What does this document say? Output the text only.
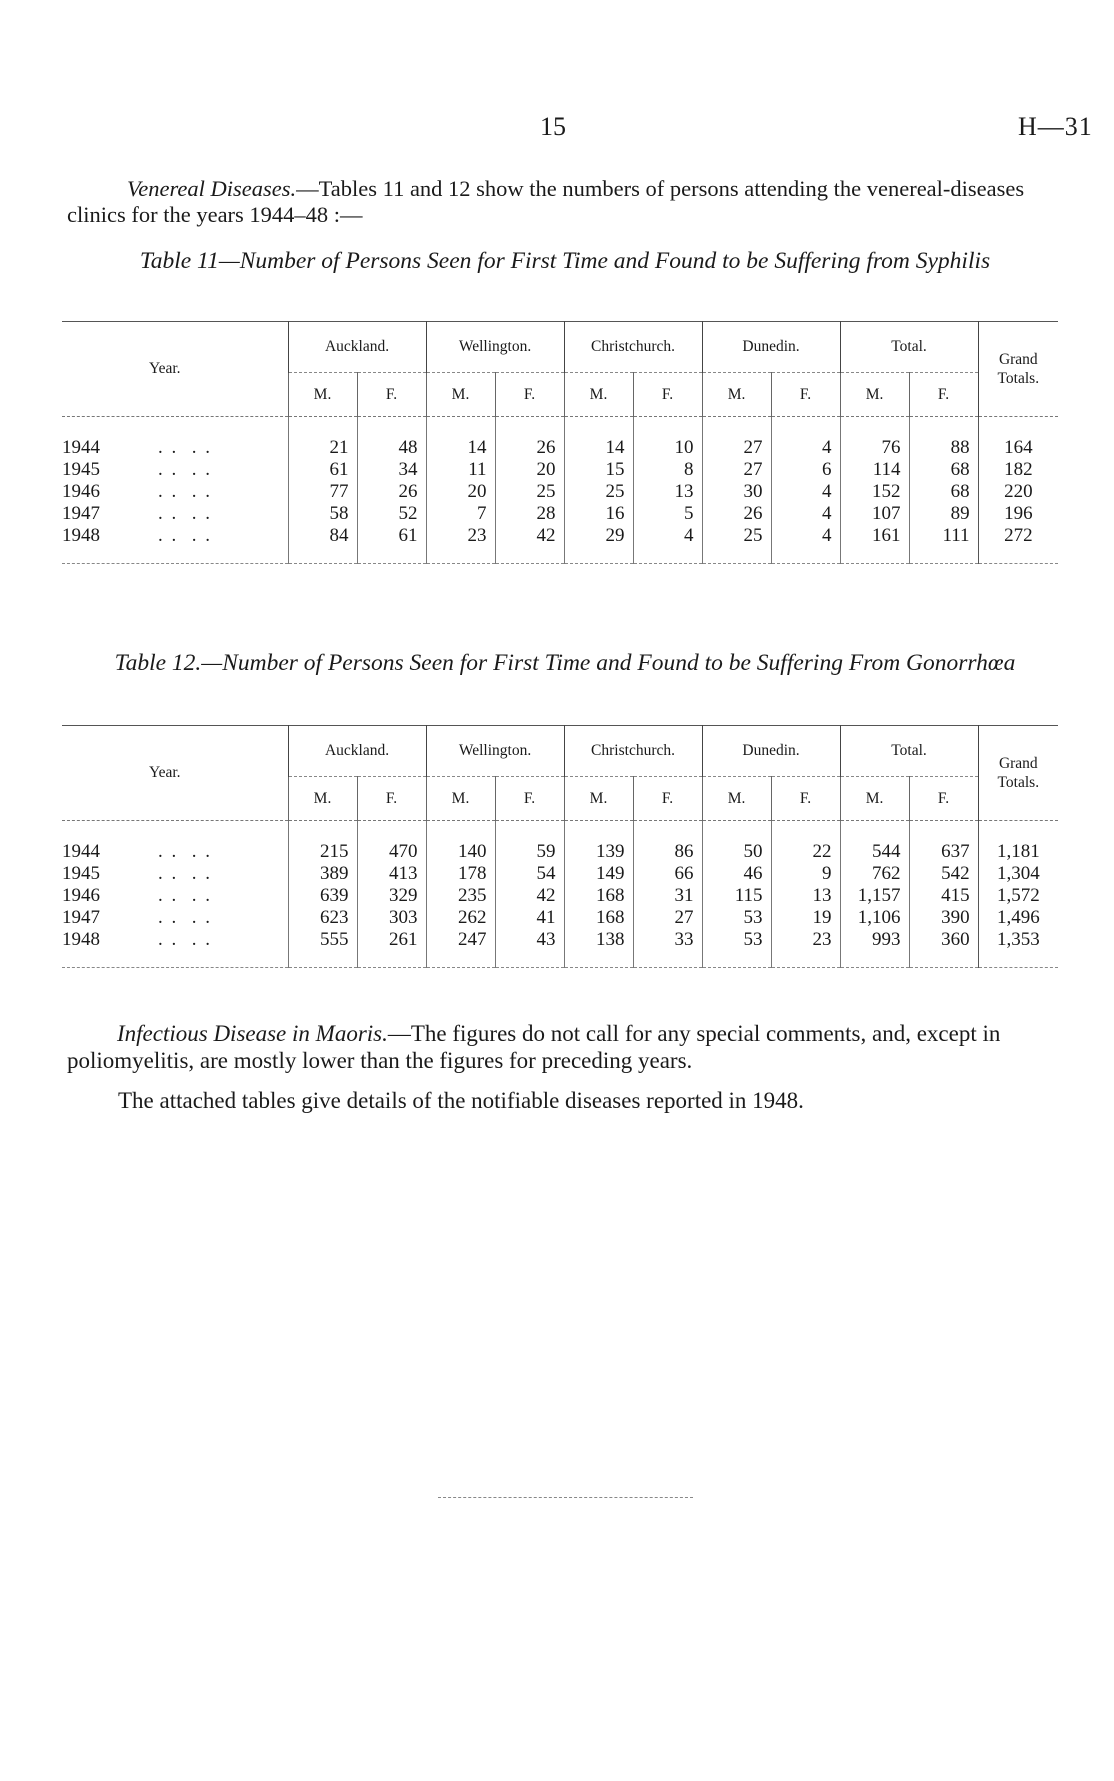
15	H—31

Venereal Diseases.—Tables 11 and 12 show the numbers of persons attending the venereal-diseases clinics for the years 1944–48 :—

Table 11—Number of Persons Seen for First Time and Found to be Suffering from Syphilis
Year.	Auckland.		Wellington.		Christchurch.		Dunedin.		Total.		Grand Totals.
	M.	F.	M.	F.	M.	F.	M.	F.	M.	F.	
1944 . .  . .	21	48	14	26	14	10	27	4	76	88	164
1945 . .  . .	61	34	11	20	15	8	27	6	114	68	182
1946 . .  . .	77	26	20	25	25	13	30	4	152	68	220
1947 . .  . .	58	52	7	28	16	5	26	4	107	89	196
1948 . .  . .	84	61	23	42	29	4	25	4	161	111	272
Table 12.—Number of Persons Seen for First Time and Found to be Suffering From Gonorrhœa
Year.	Auckland.		Wellington.		Christchurch.		Dunedin.		Total.		Grand Totals.
	M.	F.	M.	F.	M.	F.	M.	F.	M.	F.	
1944 . .  . .	215	470	140	59	139	86	50	22	544	637	1,181
1945 . .  . .	389	413	178	54	149	66	46	9	762	542	1,304
1946 . .  . .	639	329	235	42	168	31	115	13	1,157	415	1,572
1947 . .  . .	623	303	262	41	168	27	53	19	1,106	390	1,496
1948 . .  . .	555	261	247	43	138	33	53	23	993	360	1,353

Infectious Disease in Maoris.—The figures do not call for any special comments, and, except in poliomyelitis, are mostly lower than the figures for preceding years.

The attached tables give details of the notifiable diseases reported in 1948.
